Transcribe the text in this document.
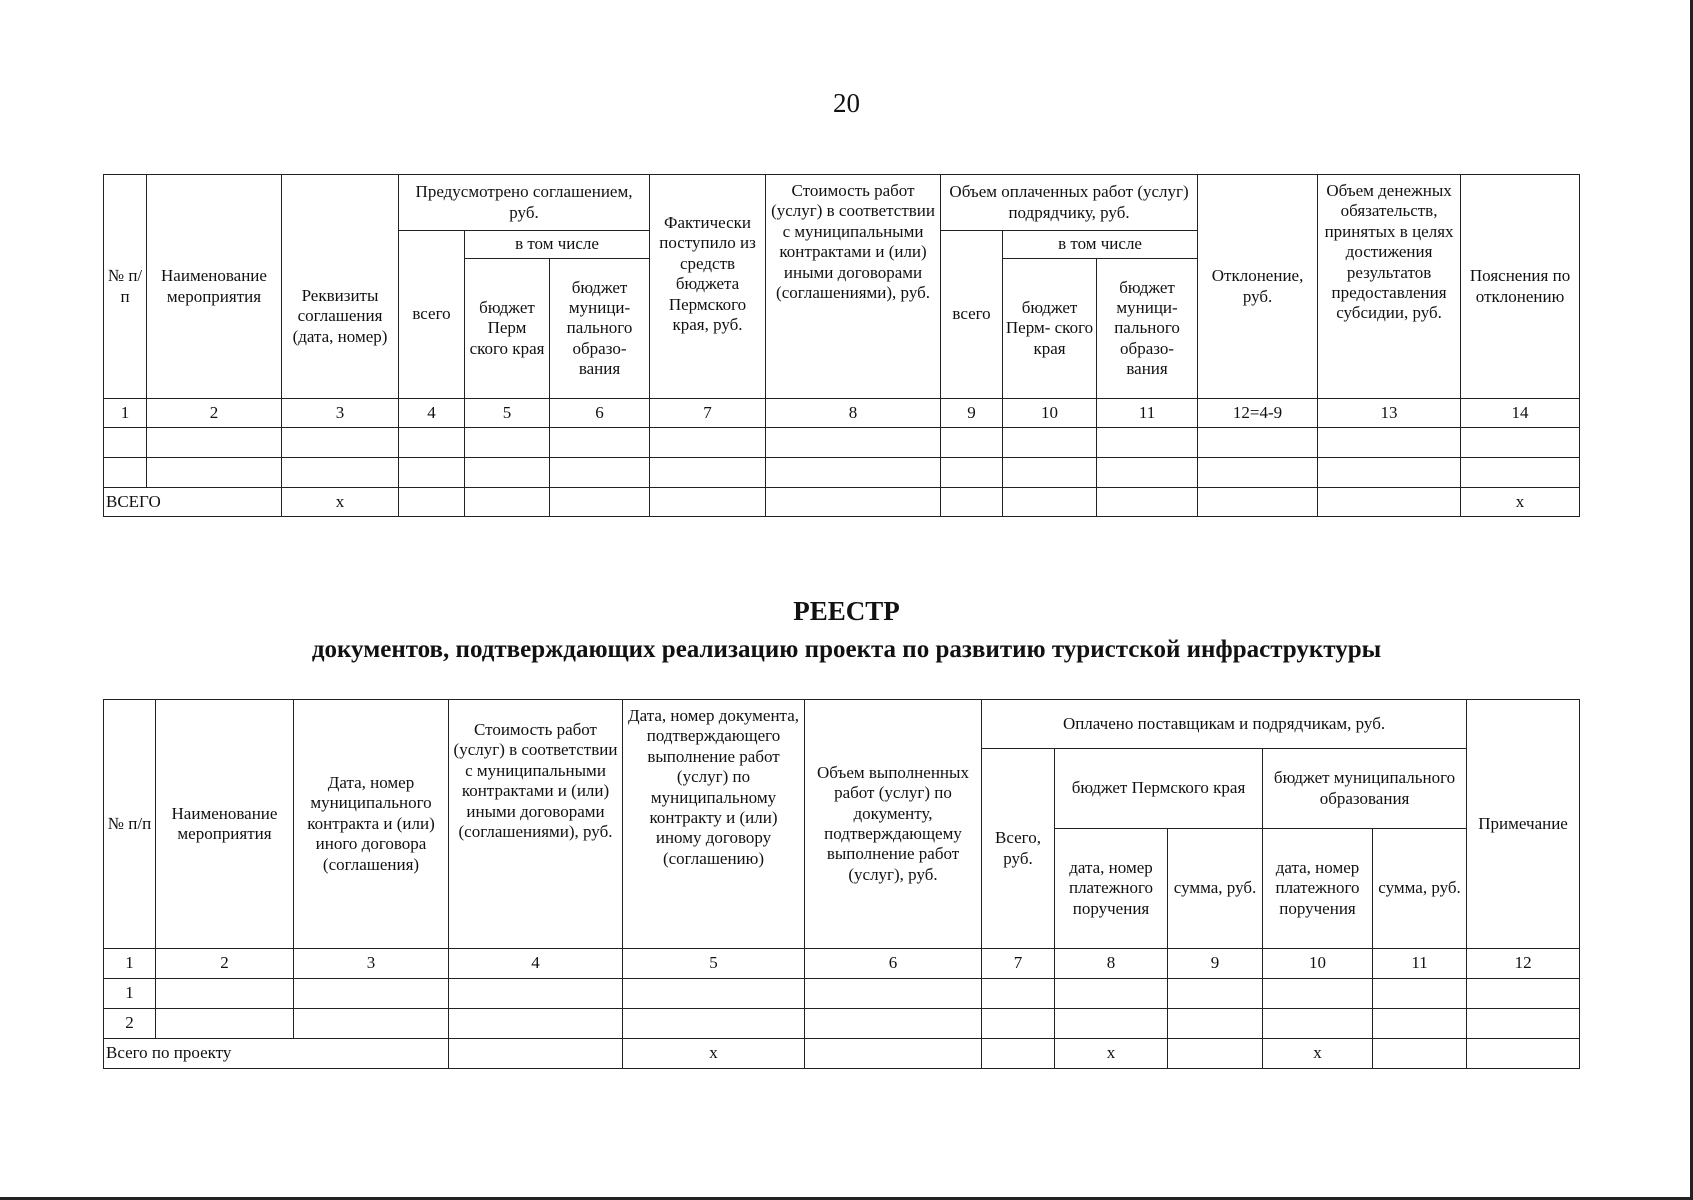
20
№ п/п	Наименование мероприятия	Реквизиты соглашения (дата, номер)	Предусмотрено соглашением, руб.			Фактически поступило из средств бюджета Пермского края, руб.	Стоимость работ (услуг) в соответствии с муниципальными контрактами и (или) иными договорами (соглашениями), руб.	Объем оплаченных работ (услуг) подрядчику, руб.			Отклонение, руб.	Объем денежных обязательств, принятых в целях достижения результатов предоставления субсидии, руб.	Пояснения по отклонению
			всего	в том числе				всего	в том числе				
				бюджет Перм ского края	бюджет муници- пального образо- вания				бюджет Перм- ского края	бюджет муници- пального образо- вания			
1	2	3	4	5	6	7	8	9	10	11	12=4-9	13	14

ВСЕГО		х											х
РЕЕСТР
документов, подтверждающих реализацию проекта по развитию туристской инфраструктуры
№ п/п	Наименование мероприятия	Дата, номер муниципального контракта и (или) иного договора (соглашения)	Стоимость работ (услуг) в соответствии с муниципальными контрактами и (или) иными договорами (соглашениями), руб.	Дата, номер документа, подтверждающего выполнение работ (услуг) по муниципальному контракту и (или) иному договору (соглашению)	Объем выполненных работ (услуг) по документу, подтверждающему выполнение работ (услуг), руб.	Оплачено поставщикам и подрядчикам, руб.					Примечание
						Всего, руб.	бюджет Пермского края		бюджет муниципального образования		
							дата, номер платежного поручения	сумма, руб.	дата, номер платежного поручения	сумма, руб.	
1	2	3	4	5	6	7	8	9	10	11	12
1											
2											
Всего по проекту				х			х		х		
